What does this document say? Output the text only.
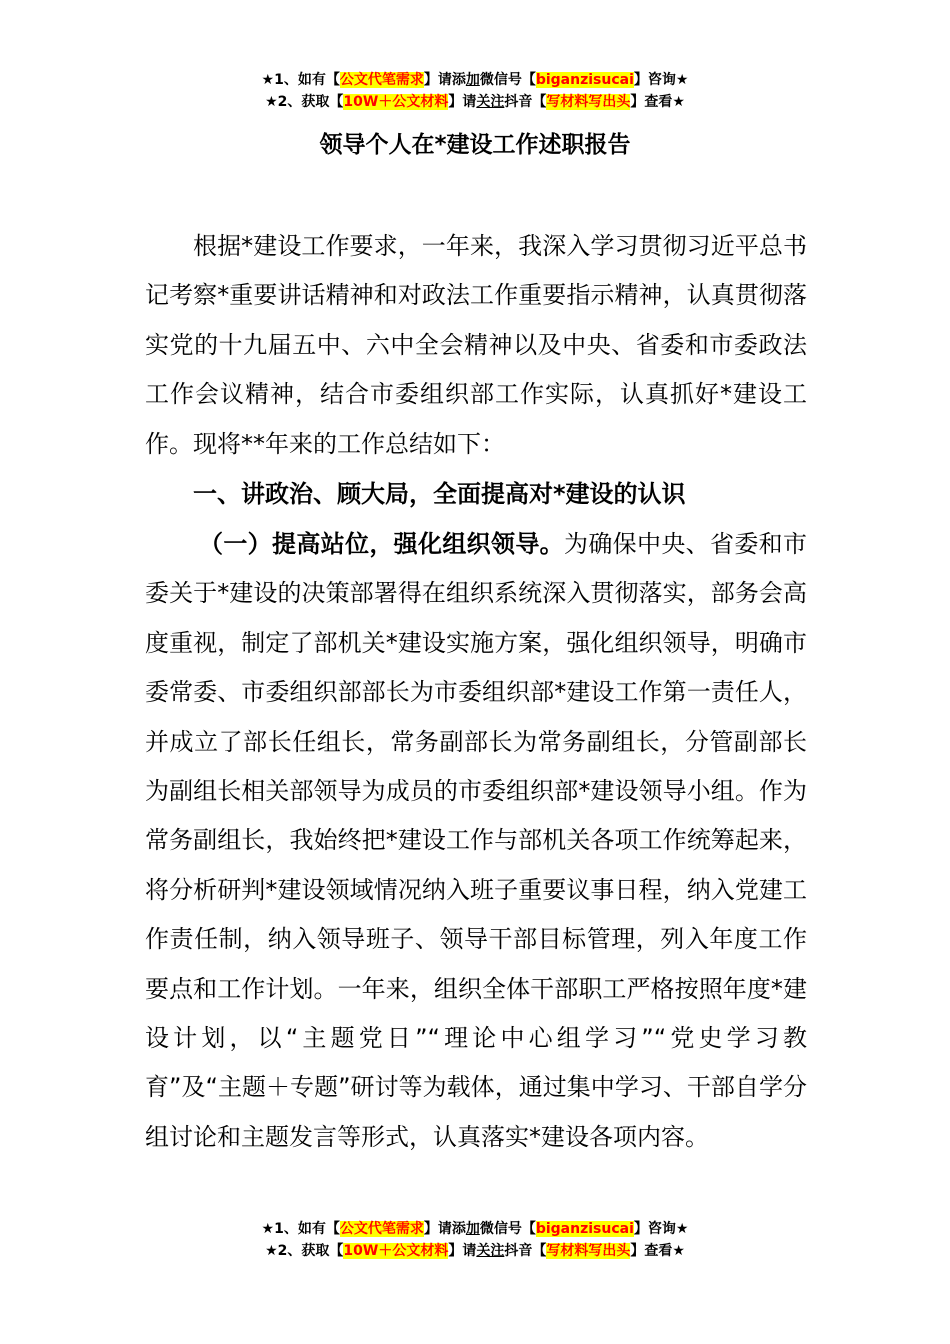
★1、如有【公文代笔需求】请添加微信号【biganzisucai】咨询★
★2、获取【10W＋公文材料】请关注抖音【写材料写出头】查看★
领导个人在*建设工作述职报告

根据*建设工作要求，一年来，我深入学习贯彻习近平总书记考察*重要讲话精神和对政法工作重要指示精神，认真贯彻落实党的十九届五中、六中全会精神以及中央、省委和市委政法工作会议精神，结合市委组织部工作实际，认真抓好*建设工作。现将**年来的工作总结如下：

一、讲政治、顾大局，全面提高对*建设的认识

（一）提高站位，强化组织领导。为确保中央、省委和市委关于*建设的决策部署得在组织系统深入贯彻落实，部务会高度重视，制定了部机关*建设实施方案，强化组织领导，明确市委常委、市委组织部部长为市委组织部*建设工作第一责任人，并成立了部长任组长，常务副部长为常务副组长，分管副部长为副组长相关部领导为成员的市委组织部*建设领导小组。作为常务副组长，我始终把*建设工作与部机关各项工作统筹起来，将分析研判*建设领域情况纳入班子重要议事日程，纳入党建工作责任制，纳入领导班子、领导干部目标管理，列入年度工作要点和工作计划。一年来，组织全体干部职工严格按照年度*建设计划，以“主题党日”“理论中心组学习”“党史学习教育”及“主题＋专题”研讨等为载体，通过集中学习、干部自学分组讨论和主题发言等形式，认真落实*建设各项内容。

★1、如有【公文代笔需求】请添加微信号【biganzisucai】咨询★
★2、获取【10W＋公文材料】请关注抖音【写材料写出头】查看★
